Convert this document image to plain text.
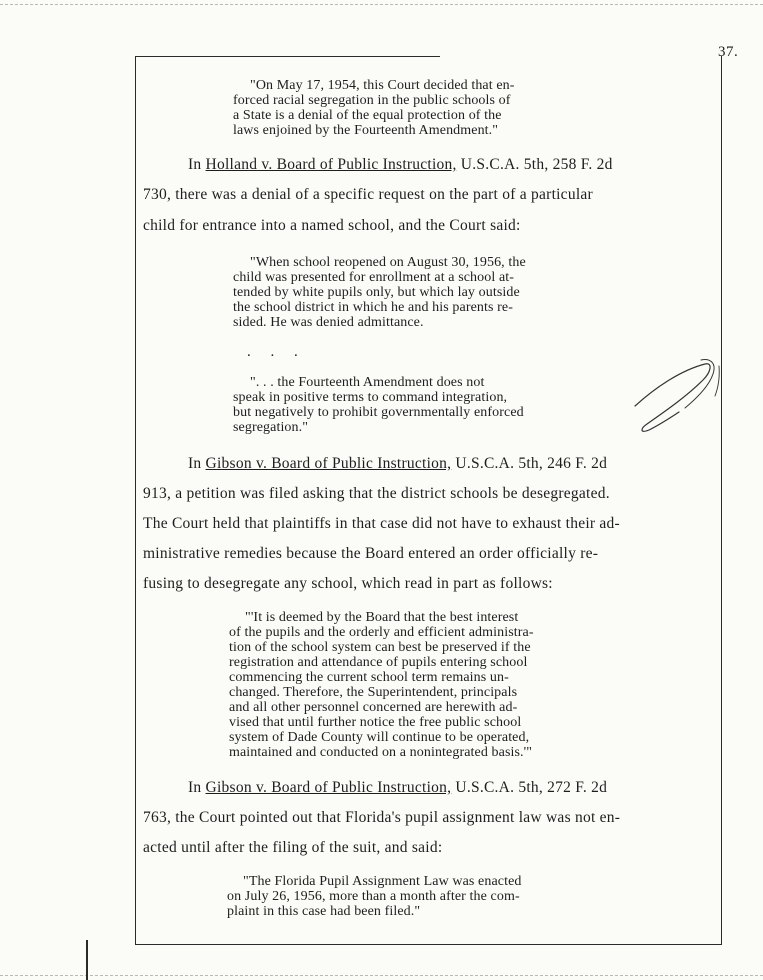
37.
"On May 17, 1954, this Court decided that en-
forced racial segregation in the public schools of
a State is a denial of the equal protection of the
laws enjoined by the Fourteenth Amendment."
In Holland v. Board of Public Instruction, U.S.C.A. 5th, 258 F. 2d
730, there was a denial of a specific request on the part of a particular
child for entrance into a named school, and the Court said:
"When school reopened on August 30, 1956, the
child was presented for enrollment at a school at-
tended by white pupils only, but which lay outside
the school district in which he and his parents re-
sided. He was denied admittance.
. . .
". . . the Fourteenth Amendment does not
speak in positive terms to command integration,
but negatively to prohibit governmentally enforced
segregation."
In Gibson v. Board of Public Instruction, U.S.C.A. 5th, 246 F. 2d
913, a petition was filed asking that the district schools be desegregated.
The Court held that plaintiffs in that case did not have to exhaust their ad-
ministrative remedies because the Board entered an order officially re-
fusing to desegregate any school, which read in part as follows:
"'It is deemed by the Board that the best interest
of the pupils and the orderly and efficient administra-
tion of the school system can best be preserved if the
registration and attendance of pupils entering school
commencing the current school term remains un-
changed. Therefore, the Superintendent, principals
and all other personnel concerned are herewith ad-
vised that until further notice the free public school
system of Dade County will continue to be operated,
maintained and conducted on a nonintegrated basis.'"
In Gibson v. Board of Public Instruction, U.S.C.A. 5th, 272 F. 2d
763, the Court pointed out that Florida's pupil assignment law was not en-
acted until after the filing of the suit, and said:
"The Florida Pupil Assignment Law was enacted
on July 26, 1956, more than a month after the com-
plaint in this case had been filed."
